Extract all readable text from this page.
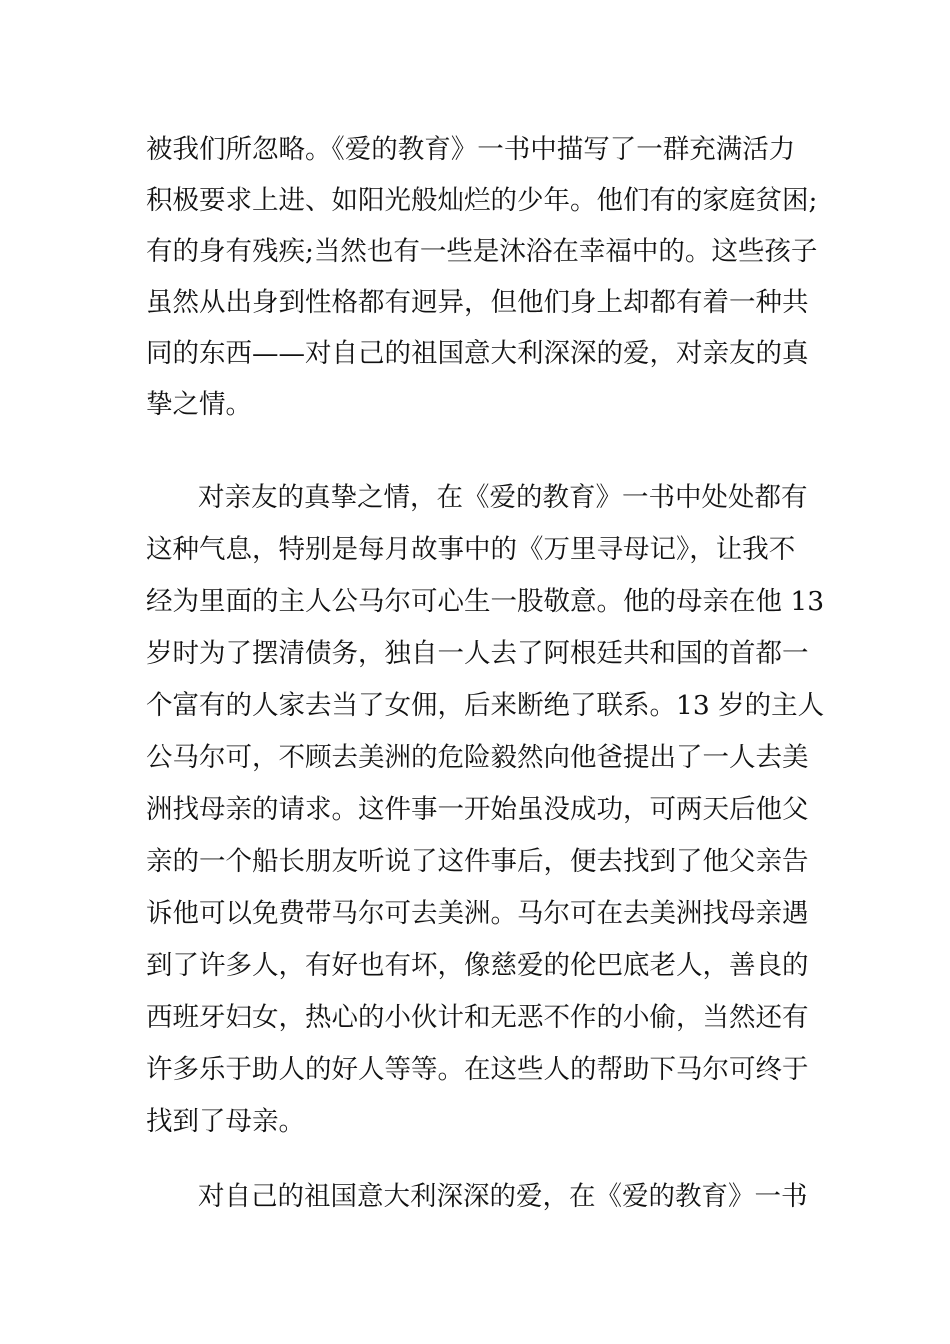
被我们所忽略。《爱的教育》一书中描写了一群充满活力
积极要求上进、如阳光般灿烂的少年。他们有的家庭贫困;
有的身有残疾;当然也有一些是沐浴在幸福中的。这些孩子
虽然从出身到性格都有迥异，但他们身上却都有着一种共
同的东西——对自己的祖国意大利深深的爱，对亲友的真
挚之情。
对亲友的真挚之情，在《爱的教育》一书中处处都有
这种气息，特别是每月故事中的《万里寻母记》，让我不
经为里面的主人公马尔可心生一股敬意。他的母亲在他 13
岁时为了摆清债务，独自一人去了阿根廷共和国的首都一
个富有的人家去当了女佣，后来断绝了联系。13 岁的主人
公马尔可，不顾去美洲的危险毅然向他爸提出了一人去美
洲找母亲的请求。这件事一开始虽没成功，可两天后他父
亲的一个船长朋友听说了这件事后，便去找到了他父亲告
诉他可以免费带马尔可去美洲。马尔可在去美洲找母亲遇
到了许多人，有好也有坏，像慈爱的伦巴底老人，善良的
西班牙妇女，热心的小伙计和无恶不作的小偷，当然还有
许多乐于助人的好人等等。在这些人的帮助下马尔可终于
找到了母亲。
对自己的祖国意大利深深的爱，在《爱的教育》一书
